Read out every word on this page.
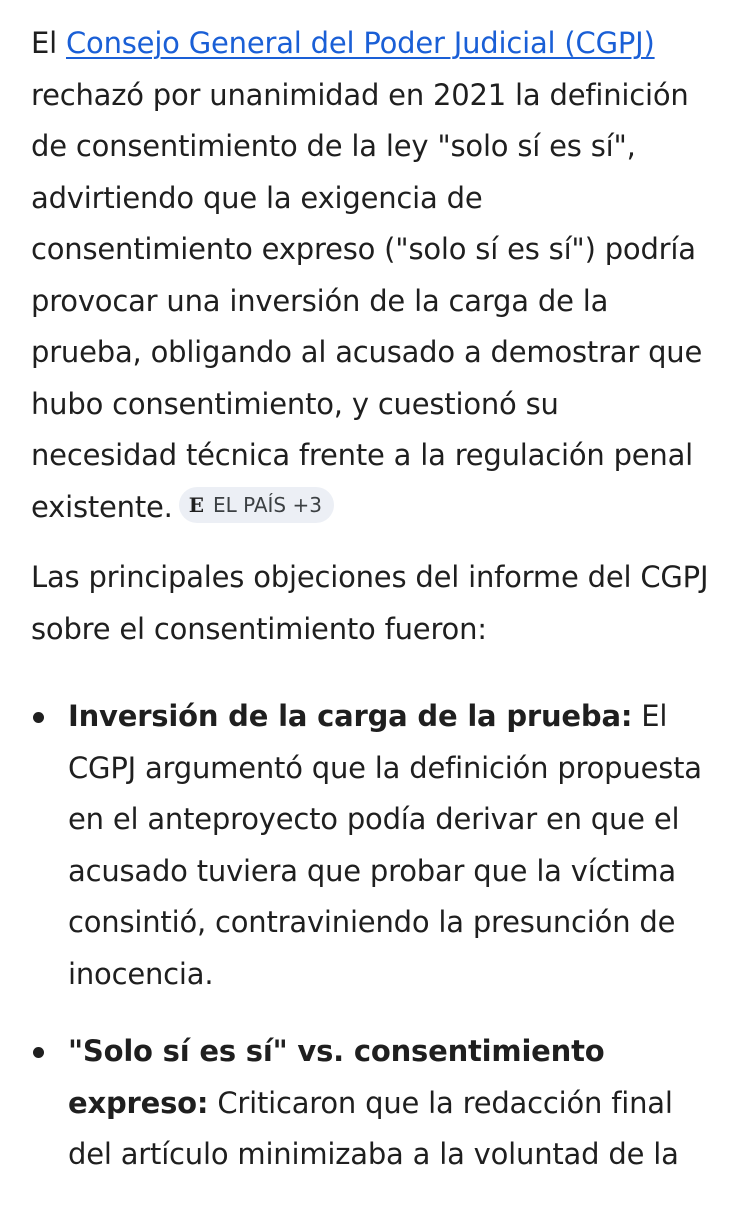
El Consejo General del Poder Judicial (CGPJ) rechazó por unanimidad en 2021 la definición de consentimiento de la ley "solo sí es sí", advirtiendo que la exigencia de consentimiento expreso ("solo sí es sí") podría provocar una inversión de la carga de la prueba, obligando al acusado a demostrar que hubo consentimiento, y cuestionó su necesidad técnica frente a la regulación penal existente. E EL PAÍS +3

Las principales objeciones del informe del CGPJ sobre el consentimiento fueron:

Inversión de la carga de la prueba: El CGPJ argumentó que la definición propuesta en el anteproyecto podía derivar en que el acusado tuviera que probar que la víctima consintió, contraviniendo la presunción de inocencia.
"Solo sí es sí" vs. consentimiento expreso: Criticaron que la redacción final del artículo minimizaba a la voluntad de la
